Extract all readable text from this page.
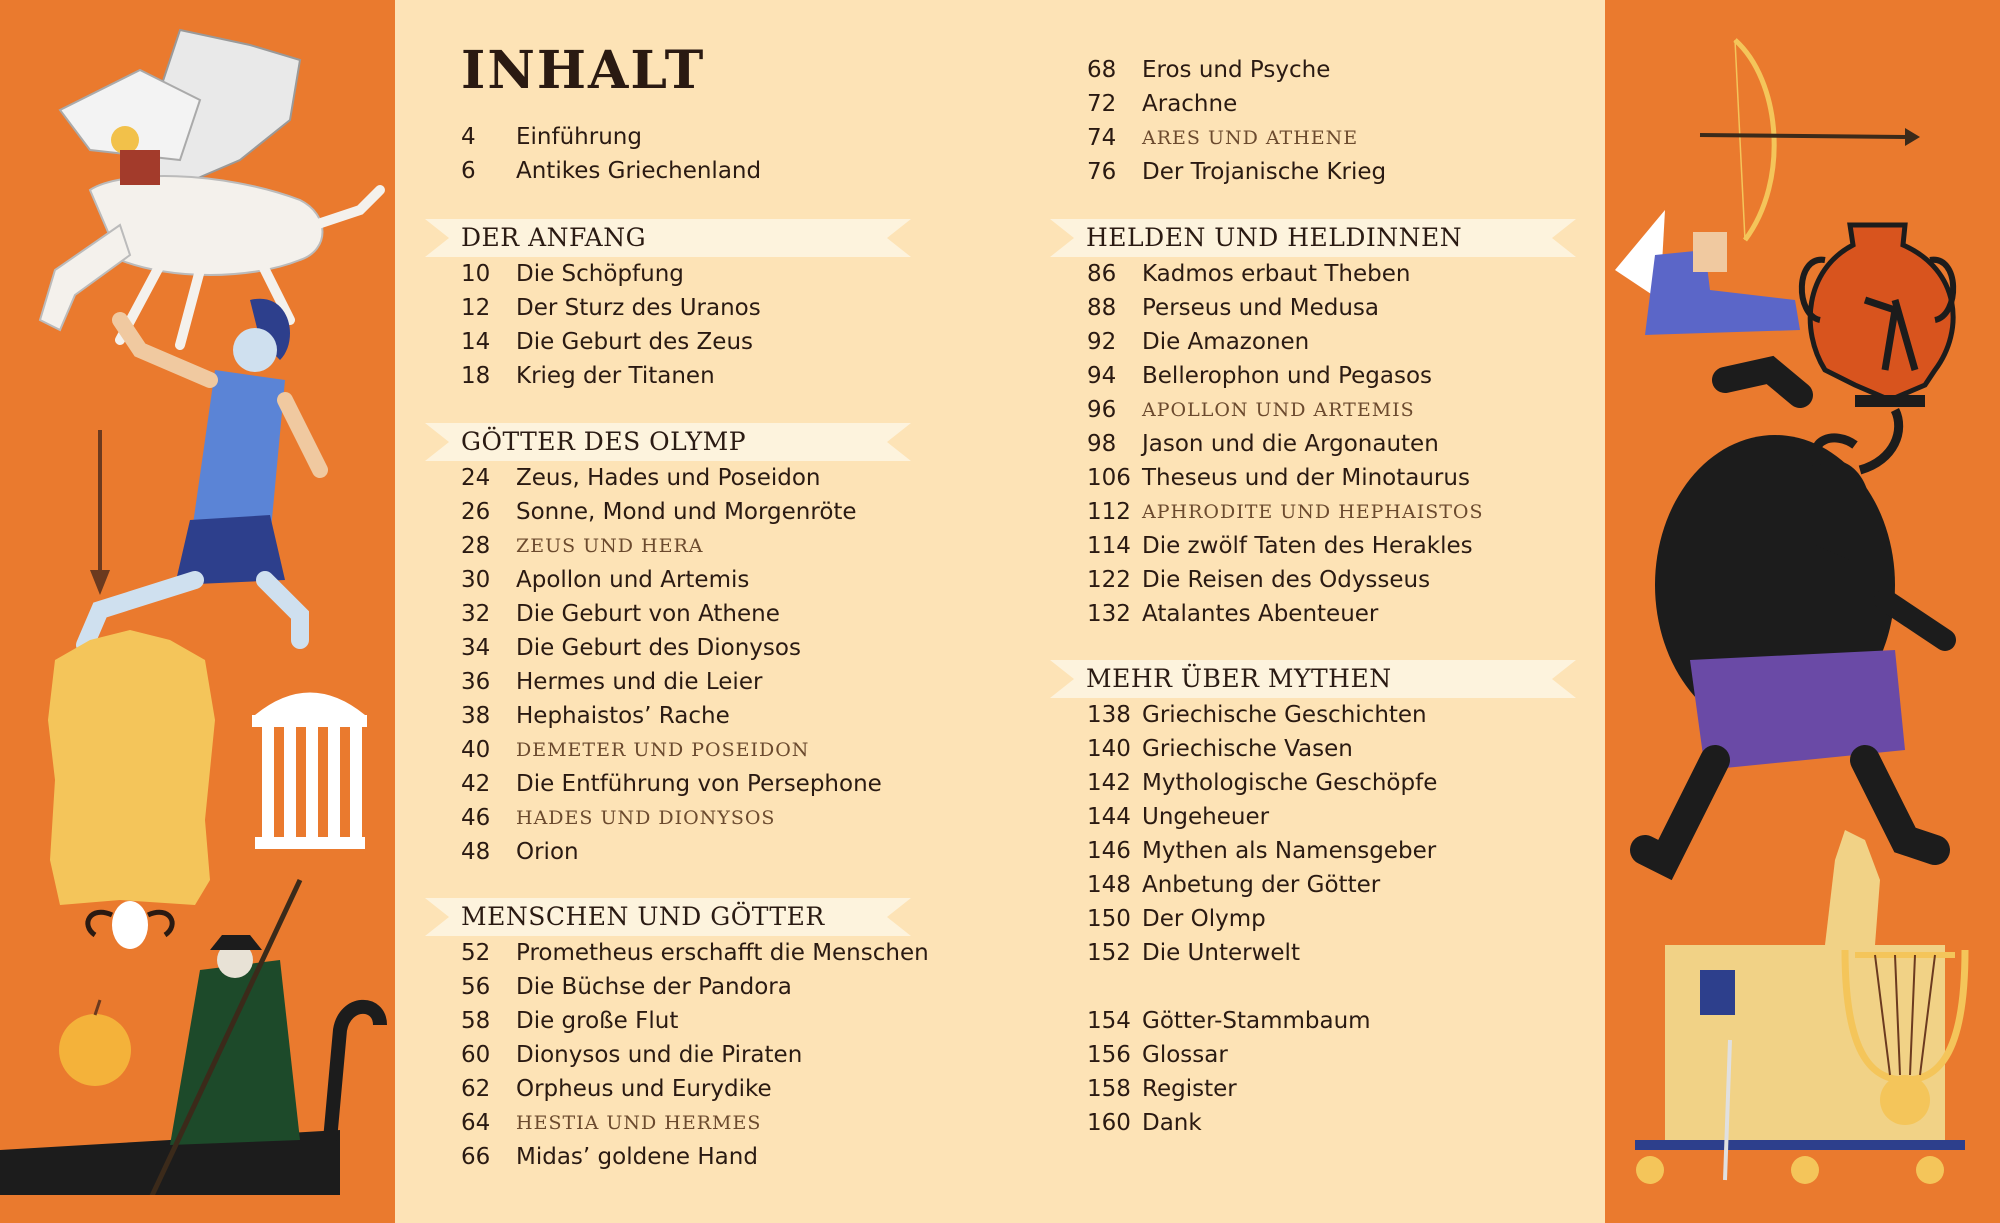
INHALT
4	Einführung
6	Antikes Griechenland
DER ANFANG
10	Die Schöpfung
12	Der Sturz des Uranos
14	Die Geburt des Zeus
18	Krieg der Titanen
GÖTTER DES OLYMP
24	Zeus, Hades und Poseidon
26	Sonne, Mond und Morgenröte
28	ZEUS UND HERA
30	Apollon und Artemis
32	Die Geburt von Athene
34	Die Geburt des Dionysos
36	Hermes und die Leier
38	Hephaistos’ Rache
40	DEMETER UND POSEIDON
42	Die Entführung von Persephone
46	HADES UND DIONYSOS
48	Orion
MENSCHEN UND GÖTTER
52	Prometheus erschafft die Menschen
56	Die Büchse der Pandora
58	Die große Flut
60	Dionysos und die Piraten
62	Orpheus und Eurydike
64	HESTIA UND HERMES
66	Midas’ goldene Hand
68	Eros und Psyche
72	Arachne
74	ARES UND ATHENE
76	Der Trojanische Krieg
HELDEN UND HELDINNEN
86	Kadmos erbaut Theben
88	Perseus und Medusa
92	Die Amazonen
94	Bellerophon und Pegasos
96	APOLLON UND ARTEMIS
98	Jason und die Argonauten
106 Theseus und der Minotaurus
112 APHRODITE UND HEPHAISTOS
114 Die zwölf Taten des Herakles
122 Die Reisen des Odysseus
132 Atalantes Abenteuer
MEHR ÜBER MYTHEN
138 Griechische Geschichten
140 Griechische Vasen
142 Mythologische Geschöpfe
144 Ungeheuer
146 Mythen als Namensgeber
148 Anbetung der Götter
150 Der Olymp
152 Die Unterwelt
154 Götter-Stammbaum
156 Glossar
158 Register
160 Dank
